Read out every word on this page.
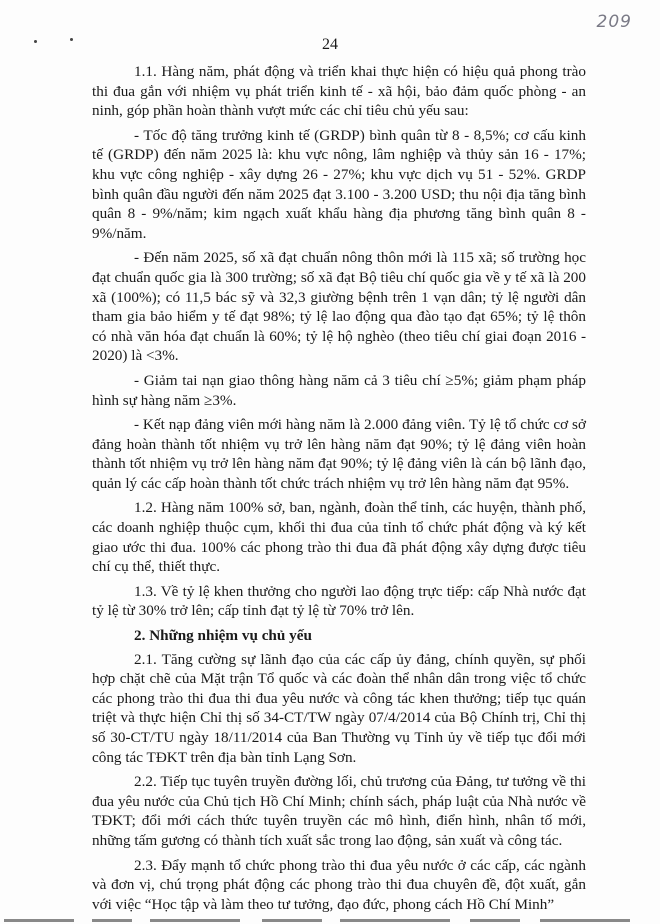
209
24

1.1. Hàng năm, phát động và triển khai thực hiện có hiệu quả phong trào thi đua gắn với nhiệm vụ phát triển kinh tế - xã hội, bảo đảm quốc phòng - an ninh, góp phần hoàn thành vượt mức các chỉ tiêu chủ yếu sau:

- Tốc độ tăng trưởng kinh tế (GRDP) bình quân từ 8 - 8,5%; cơ cấu kinh tế (GRDP) đến năm 2025 là: khu vực nông, lâm nghiệp và thủy sản 16 - 17%; khu vực công nghiệp - xây dựng 26 - 27%; khu vực dịch vụ 51 - 52%. GRDP bình quân đầu người đến năm 2025 đạt 3.100 - 3.200 USD; thu nội địa tăng bình quân 8 - 9%/năm; kim ngạch xuất khẩu hàng địa phương tăng bình quân 8 - 9%/năm.

- Đến năm 2025, số xã đạt chuẩn nông thôn mới là 115 xã; số trường học đạt chuẩn quốc gia là 300 trường; số xã đạt Bộ tiêu chí quốc gia về y tế xã là 200 xã (100%); có 11,5 bác sỹ và 32,3 giường bệnh trên 1 vạn dân; tỷ lệ người dân tham gia bảo hiểm y tế đạt 98%; tỷ lệ lao động qua đào tạo đạt 65%; tỷ lệ thôn có nhà văn hóa đạt chuẩn là 60%; tỷ lệ hộ nghèo (theo tiêu chí giai đoạn 2016 - 2020) là <3%.

- Giảm tai nạn giao thông hàng năm cả 3 tiêu chí ≥5%; giảm phạm pháp hình sự hàng năm ≥3%.

- Kết nạp đảng viên mới hàng năm là 2.000 đảng viên. Tỷ lệ tổ chức cơ sở đảng hoàn thành tốt nhiệm vụ trở lên hàng năm đạt 90%; tỷ lệ đảng viên hoàn thành tốt nhiệm vụ trở lên hàng năm đạt 90%; tỷ lệ đảng viên là cán bộ lãnh đạo, quản lý các cấp hoàn thành tốt chức trách nhiệm vụ trở lên hàng năm đạt 95%.

1.2. Hàng năm 100% sở, ban, ngành, đoàn thể tỉnh, các huyện, thành phố, các doanh nghiệp thuộc cụm, khối thi đua của tỉnh tổ chức phát động và ký kết giao ước thi đua. 100% các phong trào thi đua đã phát động xây dựng được tiêu chí cụ thể, thiết thực.

1.3. Về tỷ lệ khen thưởng cho người lao động trực tiếp: cấp Nhà nước đạt tỷ lệ từ 30% trở lên; cấp tỉnh đạt tỷ lệ từ 70% trở lên.

2. Những nhiệm vụ chủ yếu

2.1. Tăng cường sự lãnh đạo của các cấp ủy đảng, chính quyền, sự phối hợp chặt chẽ của Mặt trận Tổ quốc và các đoàn thể nhân dân trong việc tổ chức các phong trào thi đua thi đua yêu nước và công tác khen thưởng; tiếp tục quán triệt và thực hiện Chỉ thị số 34-CT/TW ngày 07/4/2014 của Bộ Chính trị, Chỉ thị số 30-CT/TU ngày 18/11/2014 của Ban Thường vụ Tỉnh ủy về tiếp tục đổi mới công tác TĐKT trên địa bàn tỉnh Lạng Sơn.

2.2. Tiếp tục tuyên truyền đường lối, chủ trương của Đảng, tư tưởng về thi đua yêu nước của Chủ tịch Hồ Chí Minh; chính sách, pháp luật của Nhà nước về TĐKT; đổi mới cách thức tuyên truyền các mô hình, điển hình, nhân tố mới, những tấm gương có thành tích xuất sắc trong lao động, sản xuất và công tác.

2.3. Đẩy mạnh tổ chức phong trào thi đua yêu nước ở các cấp, các ngành và đơn vị, chú trọng phát động các phong trào thi đua chuyên đề, đột xuất, gắn với việc “Học tập và làm theo tư tưởng, đạo đức, phong cách Hồ Chí Minh”
